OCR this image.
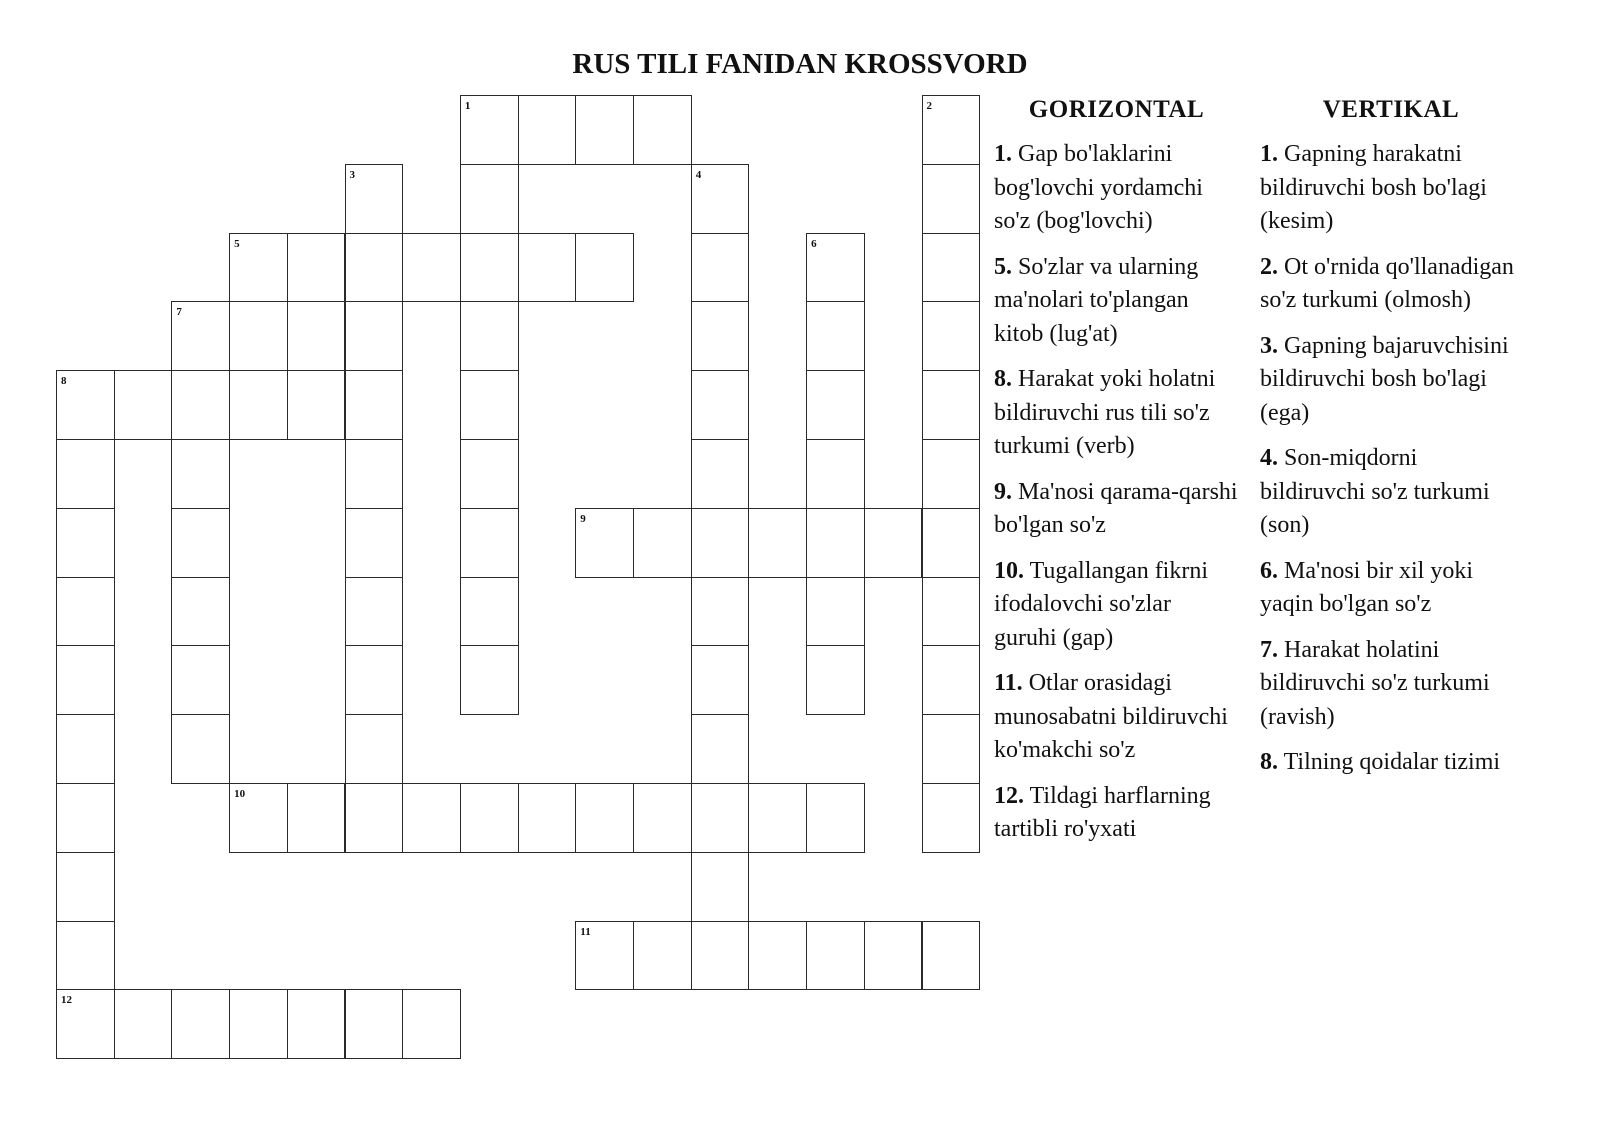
RUS TILI FANIDAN KROSSVORD
1	2
3	4
5	6
7
8
12
9
10
11
GORIZONTAL
1. Gap bo'laklarini bog'lovchi yordamchi so'z (bog'lovchi)
5. So'zlar va ularning ma'nolari to'plangan kitob (lug'at)
8. Harakat yoki holatni bildiruvchi rus tili so'z turkumi (verb)
9. Ma'nosi qarama-qarshi bo'lgan so'z
10. Tugallangan fikrni ifodalovchi so'zlar guruhi (gap)
11. Otlar orasidagi munosabatni bildiruvchi ko'makchi so'z
12. Tildagi harflarning tartibli ro'yxati
VERTIKAL
1. Gapning harakatni bildiruvchi bosh bo'lagi (kesim)
2. Ot o'rnida qo'llanadigan so'z turkumi (olmosh)
3. Gapning bajaruvchisini bildiruvchi bosh bo'lagi (ega)
4. Son-miqdorni bildiruvchi so'z turkumi (son)
6. Ma'nosi bir xil yoki yaqin bo'lgan so'z
7. Harakat holatini bildiruvchi so'z turkumi (ravish)
8. Tilning qoidalar tizimi
